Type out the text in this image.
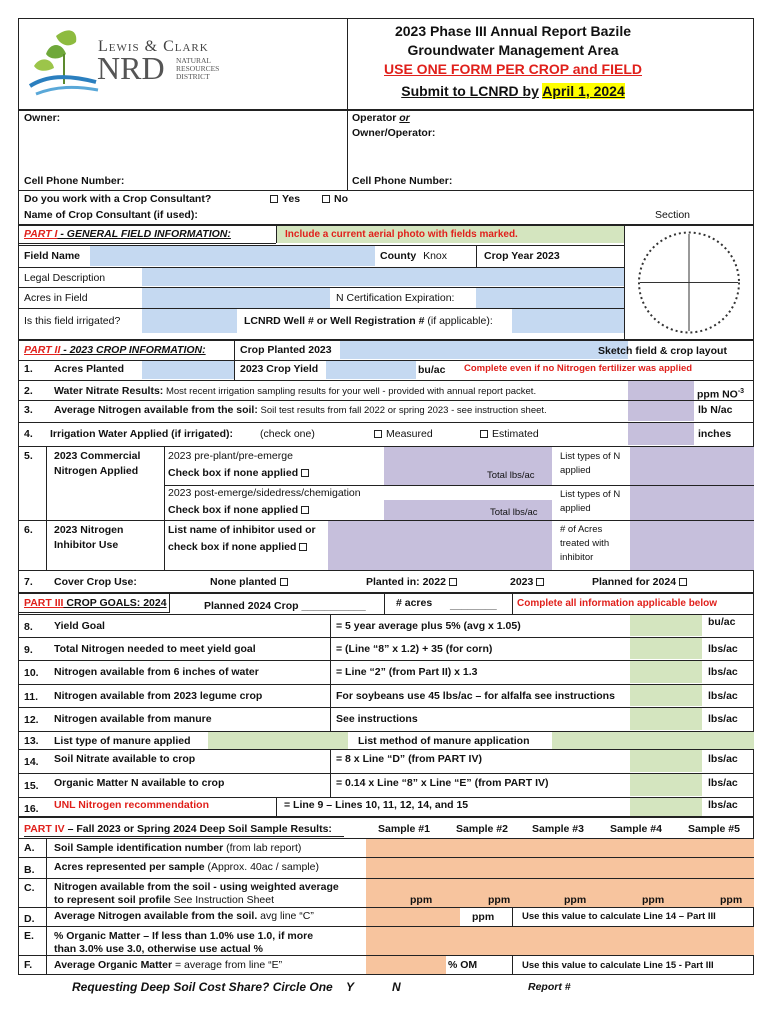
Lewis & Clark
NRD NATURAL
RESOURCES
DISTRICT
2023 Phase III Annual Report Bazile
Groundwater Management Area
USE ONE FORM PER CROP and FIELD
Submit to LCNRD by April 1, 2024
Owner:	Operator or
Owner/Operator:
Cell Phone Number:	Cell Phone Number:
Do you work with a Crop Consultant?	Yes	No
Name of Crop Consultant (if used):	Section
PART I - GENERAL FIELD INFORMATION:	Include a current aerial photo with fields marked.
Field Name	County Knox	Crop Year 2023
Legal Description
Acres in Field	N Certification Expiration:
Is this field irrigated?	LCNRD Well # or Well Registration # (if applicable):
PART II - 2023 CROP INFORMATION:	Crop Planted 2023	Sketch field & crop layout
1. Acres Planted	2023 Crop Yield	bu/ac Complete even if no Nitrogen fertilizer was applied
2. Water Nitrate Results: Most recent irrigation sampling results for your well - provided with annual report packet.	ppm $NO^{-3}$
3. Average Nitrogen available from the soil: Soil test results from fall 2022 or spring 2023 - see instruction sheet.	lb N/ac
4. Irrigation Water Applied (if irrigated):	(check one)	Measured	Estimated	inches
5. 2023 Commercial
Nitrogen Applied
2023 pre-plant/pre-emerge
Check box if none applied	Total lbs/ac
List types of N
applied
2023 post-emerge/sidedress/chemigation
Check box if none applied	Total lbs/ac
List types of N
applied
6. 2023 Nitrogen
Inhibitor Use
List name of inhibitor used or
check box if none applied
# of Acres
treated with
inhibitor
7. Cover Crop Use:	None planted	Planted in: 2022	2023	Planned for 2024
PART III CROP GOALS: 2024	Planned 2024 Crop ___________	# acres ________ Complete all information applicable below
8. Yield Goal	= 5 year average plus 5% (avg x 1.05)	bu/ac
9. Total Nitrogen needed to meet yield goal	= (Line “8” x 1.2) + 35 (for corn)	lbs/ac
10. Nitrogen available from 6 inches of water	= Line “2” (from Part II) x 1.3	lbs/ac
11. Nitrogen available from 2023 legume crop	For soybeans use 45 lbs/ac – for alfalfa see instructions	lbs/ac
12. Nitrogen available from manure	See instructions	lbs/ac
13. List type of manure applied	List method of manure application
14. Soil Nitrate available to crop	= 8 x Line “D” (from PART IV)	lbs/ac
15. Organic Matter N available to crop	= 0.14 x Line “8” x Line “E” (from PART IV)	lbs/ac
16. UNL Nitrogen recommendation	= Line 9 – Lines 10, 11, 12, 14, and 15	lbs/ac
PART IV – Fall 2023 or Spring 2024 Deep Soil Sample Results:	Sample #1	Sample #2	Sample #3	Sample #4	Sample #5
A. Soil Sample identification number (from lab report)
B. Acres represented per sample (Approx. 40ac / sample)
C. Nitrogen available from the soil - using weighted average
to represent soil profile See Instruction Sheet	ppm	ppm	ppm	ppm	ppm
D. Average Nitrogen available from the soil. avg line “C”	ppm	Use this value to calculate Line 14 – Part III
E. % Organic Matter – If less than 1.0% use 1.0, if more
than 3.0% use 3.0, otherwise use actual %
F. Average Organic Matter = average from line “E”	% OM	Use this value to calculate Line 15 - Part III
Requesting Deep Soil Cost Share? Circle One Y	N	Report #
